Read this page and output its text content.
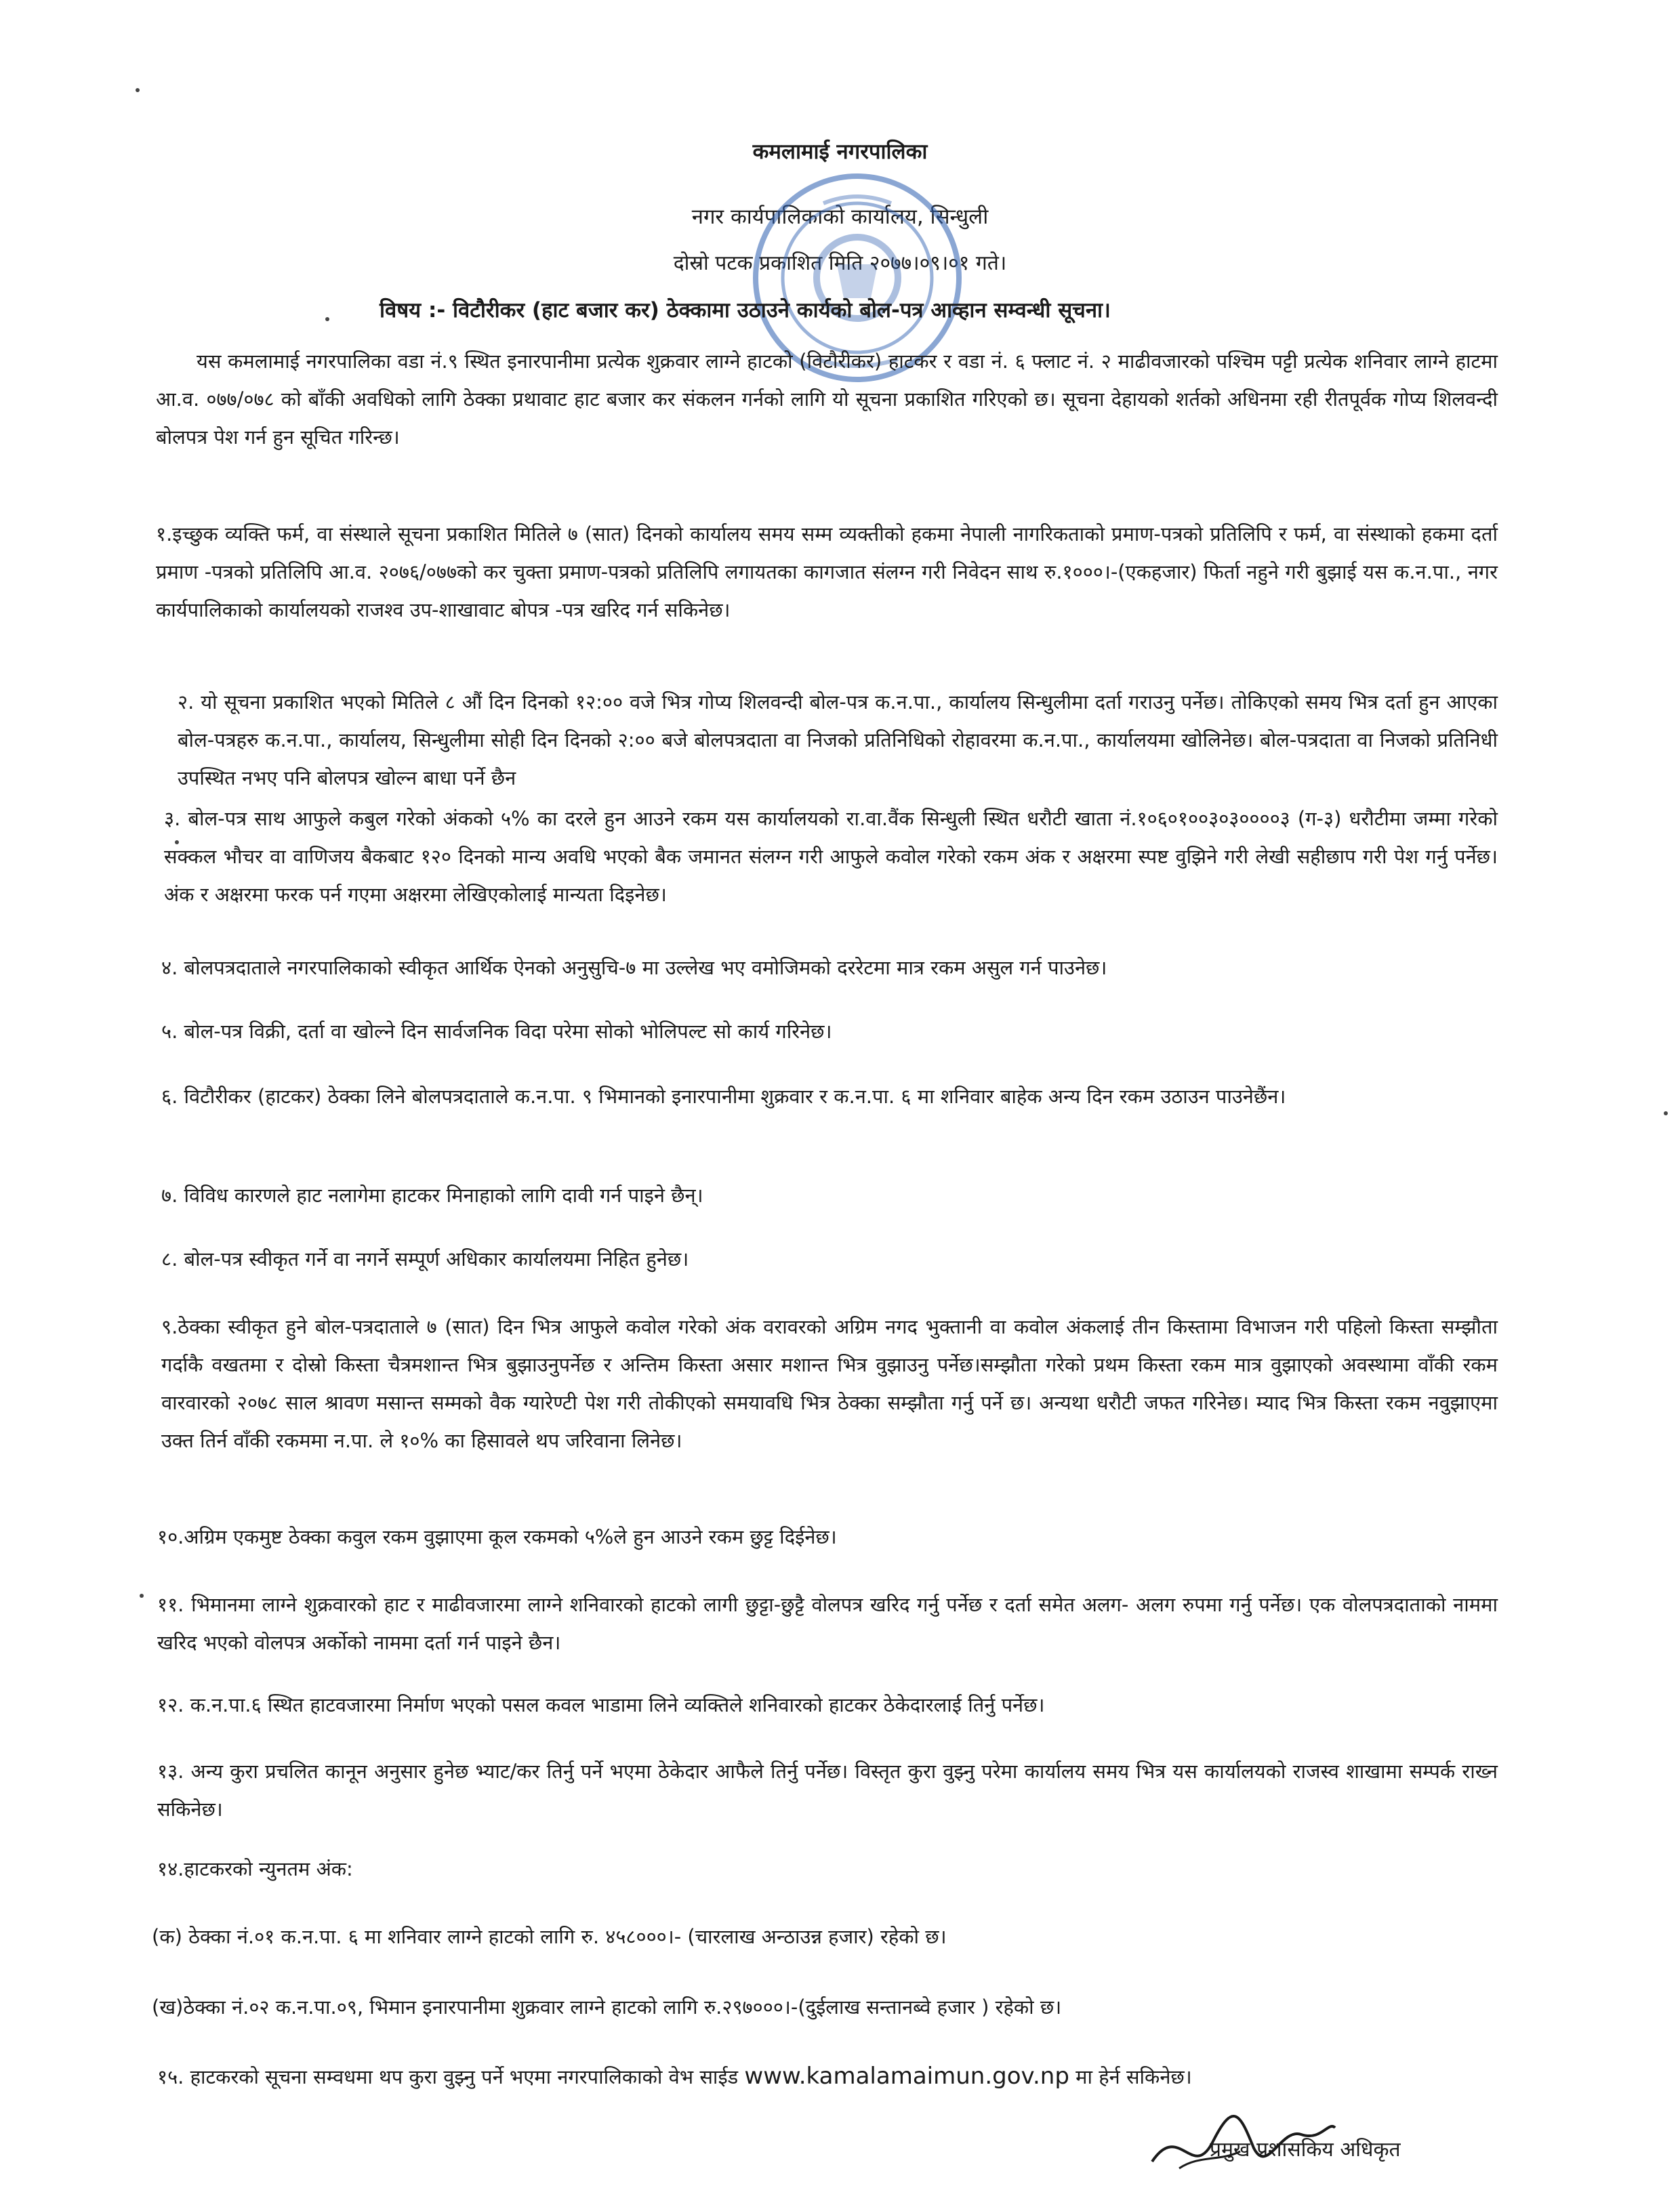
कमलामाई नगरपालिका
नगर कार्यपालिकाको कार्यालय, सिन्धुली
दोस्रो पटक प्रकाशित मिति २०७७।०९।०१ गते।
विषय :- विटौरीकर (हाट बजार कर) ठेक्कामा उठाउने कार्यको बोल-पत्र आव्हान सम्वन्धी सूचना।
यस कमलामाई नगरपालिका वडा नं.९ स्थित इनारपानीमा प्रत्येक शुक्रवार लाग्ने हाटको (विटौरीकर) हाटकर र वडा नं. ६ फ्लाट नं. २ माढीवजारको पश्चिम पट्टी प्रत्येक शनिवार लाग्ने हाटमा आ.व. ०७७/०७८ को बाँकी अवधिको लागि ठेक्का प्रथावाट हाट बजार कर संकलन गर्नको लागि यो सूचना प्रकाशित गरिएको छ। सूचना देहायको शर्तको अधिनमा रही रीतपूर्वक गोप्य शिलवन्दी बोलपत्र पेश गर्न हुन सूचित गरिन्छ।
१.इच्छुक व्यक्ति फर्म, वा संस्थाले सूचना प्रकाशित मितिले ७ (सात) दिनको कार्यालय समय सम्म व्यक्तीको हकमा नेपाली नागरिकताको प्रमाण-पत्रको प्रतिलिपि र फर्म, वा संस्थाको हकमा दर्ता प्रमाण -पत्रको प्रतिलिपि आ.व. २०७६/०७७को कर चुक्ता प्रमाण-पत्रको प्रतिलिपि लगायतका कागजात संलग्न गरी निवेदन साथ रु.१०००।-(एकहजार) फिर्ता नहुने गरी बुझाई यस क.न.पा., नगर कार्यपालिकाको कार्यालयको राजश्व उप-शाखावाट बोपत्र -पत्र खरिद गर्न सकिनेछ।
२. यो सूचना प्रकाशित भएको मितिले ८ औं दिन दिनको १२:०० वजे भित्र गोप्य शिलवन्दी बोल-पत्र क.न.पा., कार्यालय सिन्धुलीमा दर्ता गराउनु पर्नेछ। तोकिएको समय भित्र दर्ता हुन आएका बोल-पत्रहरु क.न.पा., कार्यालय, सिन्धुलीमा सोही दिन दिनको २:०० बजे बोलपत्रदाता वा निजको प्रतिनिधिको रोहावरमा क.न.पा., कार्यालयमा खोलिनेछ। बोल-पत्रदाता वा निजको प्रतिनिधी उपस्थित नभए पनि बोलपत्र खोल्न बाधा पर्ने छैन
३. बोल-पत्र साथ आफुले कबुल गरेको अंकको ५% का दरले हुन आउने रकम यस कार्यालयको रा.वा.वैंक सिन्धुली स्थित धरौटी खाता नं.१०६०१००३०३००००३ (ग-३) धरौटीमा जम्मा गरेको सक्कल भौचर वा वाणिजय बैकबाट १२० दिनको मान्य अवधि भएको बैक जमानत संलग्न गरी आफुले कवोल गरेको रकम अंक र अक्षरमा स्पष्ट वुझिने गरी लेखी सहीछाप गरी पेश गर्नु पर्नेछ। अंक र अक्षरमा फरक पर्न गएमा अक्षरमा लेखिएकोलाई मान्यता दिइनेछ।
४. बोलपत्रदाताले नगरपालिकाको स्वीकृत आर्थिक ऐनको अनुसुचि-७ मा उल्लेख भए वमोजिमको दररेटमा मात्र रकम असुल गर्न पाउनेछ।
५. बोल-पत्र विक्री, दर्ता वा खोल्ने दिन सार्वजनिक विदा परेमा सोको भोलिपल्ट सो कार्य गरिनेछ।
६. विटौरीकर (हाटकर) ठेक्का लिने बोलपत्रदाताले क.न.पा. ९ भिमानको इनारपानीमा शुक्रवार र क.न.पा. ६ मा शनिवार बाहेक अन्य दिन रकम उठाउन पाउनेछैंन।
७. विविध कारणले हाट नलागेमा हाटकर मिनाहाको लागि दावी गर्न पाइने छैन्।
८. बोल-पत्र स्वीकृत गर्ने वा नगर्ने सम्पूर्ण अधिकार कार्यालयमा निहित हुनेछ।
९.ठेक्का स्वीकृत हुने बोल-पत्रदाताले ७ (सात) दिन भित्र आफुले कवोल गरेको अंक वरावरको अग्रिम नगद भुक्तानी वा कवोल अंकलाई तीन किस्तामा विभाजन गरी पहिलो किस्ता सम्झौता गर्दाकै वखतमा र दोस्रो किस्ता चैत्रमशान्त भित्र बुझाउनुपर्नेछ र अन्तिम किस्ता असार मशान्त भित्र वुझाउनु पर्नेछ।सम्झौता गरेको प्रथम किस्ता रकम मात्र वुझाएको अवस्थामा वाँकी रकम वारवारको २०७८ साल श्रावण मसान्त सम्मको वैक ग्यारेण्टी पेश गरी तोकीएको समयावधि भित्र ठेक्का सम्झौता गर्नु पर्ने छ। अन्यथा धरौटी जफत गरिनेछ। म्याद भित्र किस्ता रकम नवुझाएमा उक्त तिर्न वाँकी रकममा न.पा. ले १०% का हिसावले थप जरिवाना लिनेछ।
१०.अग्रिम एकमुष्ट ठेक्का कवुल रकम वुझाएमा कूल रकमको ५%ले हुन आउने रकम छुट्ट दिईनेछ।
११. भिमानमा लाग्ने शुक्रवारको हाट र माढीवजारमा लाग्ने शनिवारको हाटको लागी छुट्टा-छुट्टै वोलपत्र खरिद गर्नु पर्नेछ र दर्ता समेत अलग- अलग रुपमा गर्नु पर्नेछ। एक वोलपत्रदाताको नाममा खरिद भएको वोलपत्र अर्कोको नाममा दर्ता गर्न पाइने छैन।
१२. क.न.पा.६ स्थित हाटवजारमा निर्माण भएको पसल कवल भाडामा लिने व्यक्तिले शनिवारको हाटकर ठेकेदारलाई तिर्नु पर्नेछ।
१३. अन्य कुरा प्रचलित कानून अनुसार हुनेछ भ्याट/कर तिर्नु पर्ने भएमा ठेकेदार आफैले तिर्नु पर्नेछ। विस्तृत कुरा वुझ्नु परेमा कार्यालय समय भित्र यस कार्यालयको राजस्व शाखामा सम्पर्क राख्न सकिनेछ।
१४.हाटकरको न्युनतम अंक:
(क) ठेक्का नं.०१ क.न.पा. ६ मा शनिवार लाग्ने हाटको लागि रु. ४५८०००।- (चारलाख अन्ठाउन्न हजार) रहेको छ।
(ख)ठेक्का नं.०२ क.न.पा.०९, भिमान इनारपानीमा शुक्रवार लाग्ने हाटको लागि रु.२९७०००।-(दुईलाख सन्तानब्वे हजार ) रहेको छ।
१५. हाटकरको सूचना सम्वधमा थप कुरा वुझ्नु पर्ने भएमा नगरपालिकाको वेभ साईड www.kamalamaimun.gov.np मा हेर्न सकिनेछ।
प्रमुख प्रशासकिय अधिकृत
